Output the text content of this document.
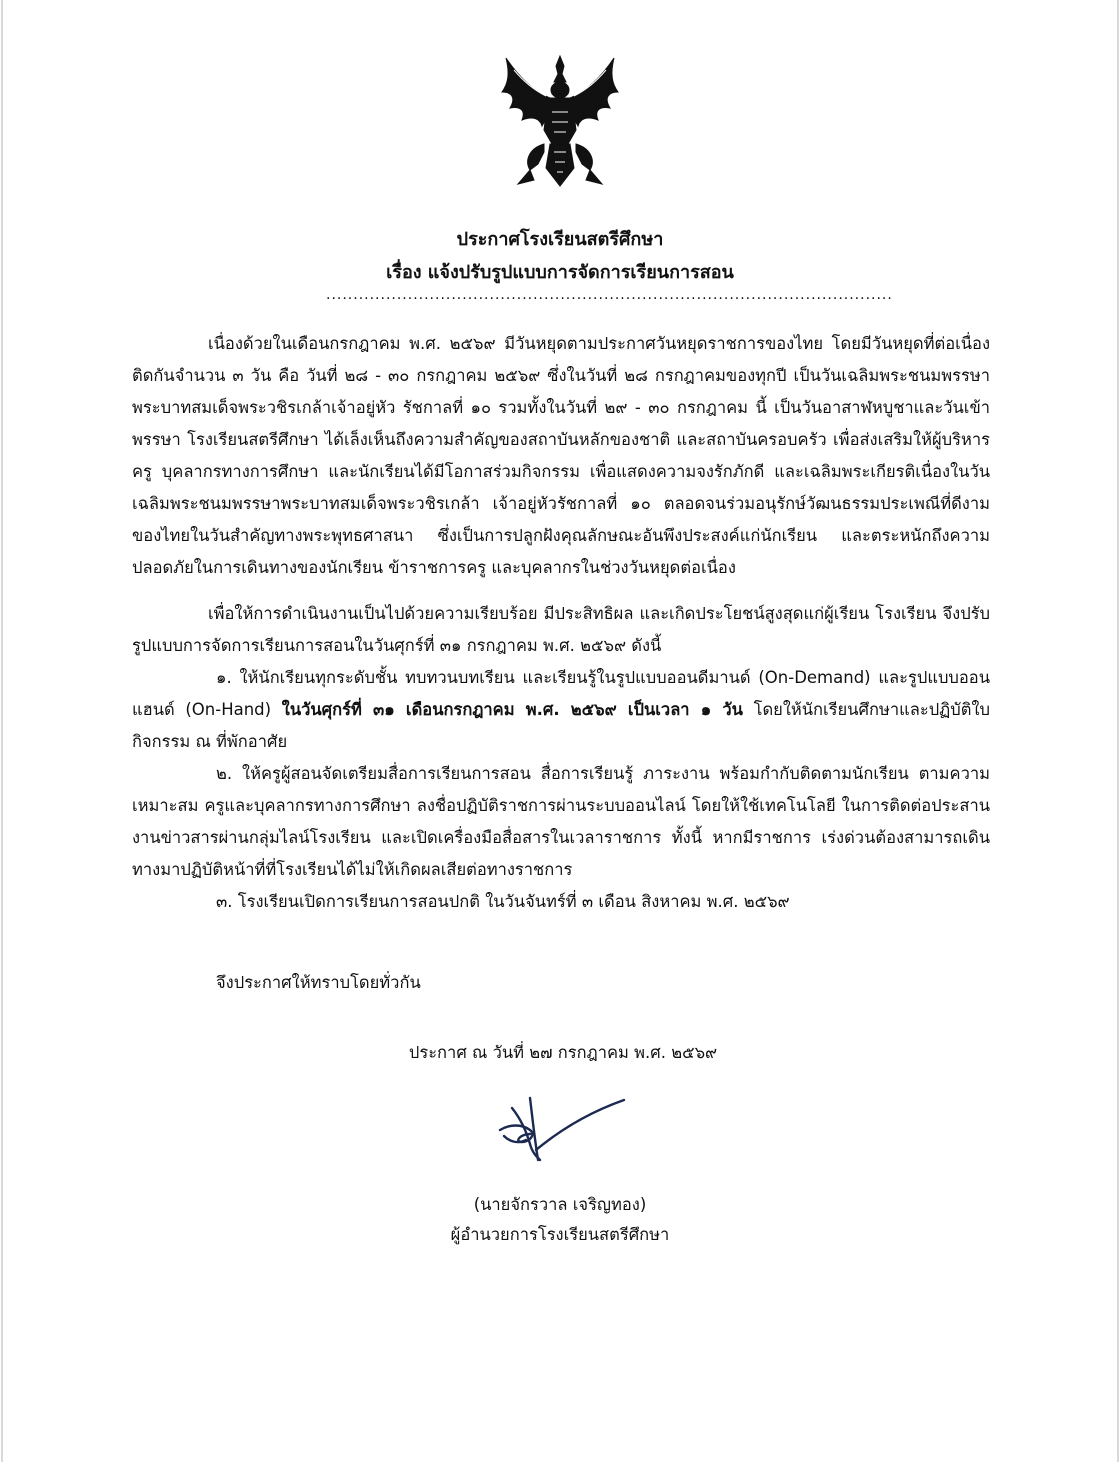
ประกาศโรงเรียนสตรีศึกษา
เรื่อง แจ้งปรับรูปแบบการจัดการเรียนการสอน
........................................................................................................

เนื่องด้วยในเดือนกรกฎาคม พ.ศ. ๒๕๖๙ มีวันหยุดตามประกาศวันหยุดราชการของไทย โดยมีวันหยุดที่ต่อเนื่องติดกันจำนวน ๓ วัน คือ วันที่ ๒๘ - ๓๐ กรกฎาคม ๒๕๖๙ ซึ่งในวันที่ ๒๘ กรกฎาคมของทุกปี เป็นวันเฉลิมพระชนมพรรษาพระบาทสมเด็จพระวชิรเกล้าเจ้าอยู่หัว รัชกาลที่ ๑๐ รวมทั้งในวันที่ ๒๙ - ๓๐ กรกฎาคม นี้ เป็นวันอาสาฬหบูชาและวันเข้าพรรษา โรงเรียนสตรีศึกษา ได้เล็งเห็นถึงความสำคัญของสถาบันหลักของชาติ และสถาบันครอบครัว เพื่อส่งเสริมให้ผู้บริหาร ครู บุคลากรทางการศึกษา และนักเรียนได้มีโอกาสร่วมกิจกรรม เพื่อแสดงความจงรักภักดี และเฉลิมพระเกียรติเนื่องในวันเฉลิมพระชนมพรรษาพระบาทสมเด็จพระวชิรเกล้า เจ้าอยู่หัวรัชกาลที่ ๑๐ ตลอดจนร่วมอนุรักษ์วัฒนธรรมประเพณีที่ดีงามของไทยในวันสำคัญทางพระพุทธศาสนา ซึ่งเป็นการปลูกฝังคุณลักษณะอันพึงประสงค์แก่นักเรียน และตระหนักถึงความปลอดภัยในการเดินทางของนักเรียน ข้าราชการครู และบุคลากรในช่วงวันหยุดต่อเนื่อง

เพื่อให้การดำเนินงานเป็นไปด้วยความเรียบร้อย มีประสิทธิผล และเกิดประโยชน์สูงสุดแก่ผู้เรียน โรงเรียน จึงปรับรูปแบบการจัดการเรียนการสอนในวันศุกร์ที่ ๓๑ กรกฎาคม พ.ศ. ๒๕๖๙ ดังนี้

๑. ให้นักเรียนทุกระดับชั้น ทบทวนบทเรียน และเรียนรู้ในรูปแบบออนดีมานด์ (On-Demand) และรูปแบบออนแฮนด์ (On-Hand) ในวันศุกร์ที่ ๓๑ เดือนกรกฎาคม พ.ศ. ๒๕๖๙ เป็นเวลา ๑ วัน โดยให้นักเรียนศึกษาและปฏิบัติใบกิจกรรม ณ ที่พักอาศัย

๒. ให้ครูผู้สอนจัดเตรียมสื่อการเรียนการสอน สื่อการเรียนรู้ ภาระงาน พร้อมกำกับติดตามนักเรียน ตามความเหมาะสม ครูและบุคลากรทางการศึกษา ลงชื่อปฏิบัติราชการผ่านระบบออนไลน์ โดยให้ใช้เทคโนโลยี ในการติดต่อประสานงานข่าวสารผ่านกลุ่มไลน์โรงเรียน และเปิดเครื่องมือสื่อสารในเวลาราชการ ทั้งนี้ หากมีราชการ เร่งด่วนต้องสามารถเดินทางมาปฏิบัติหน้าที่ที่โรงเรียนได้ไม่ให้เกิดผลเสียต่อทางราชการ

๓. โรงเรียนเปิดการเรียนการสอนปกติ ในวันจันทร์ที่ ๓ เดือน สิงหาคม พ.ศ. ๒๕๖๙

จึงประกาศให้ทราบโดยทั่วกัน
ประกาศ ณ วันที่ ๒๗ กรกฎาคม พ.ศ. ๒๕๖๙
(นายจักรวาล เจริญทอง)
ผู้อำนวยการโรงเรียนสตรีศึกษา
